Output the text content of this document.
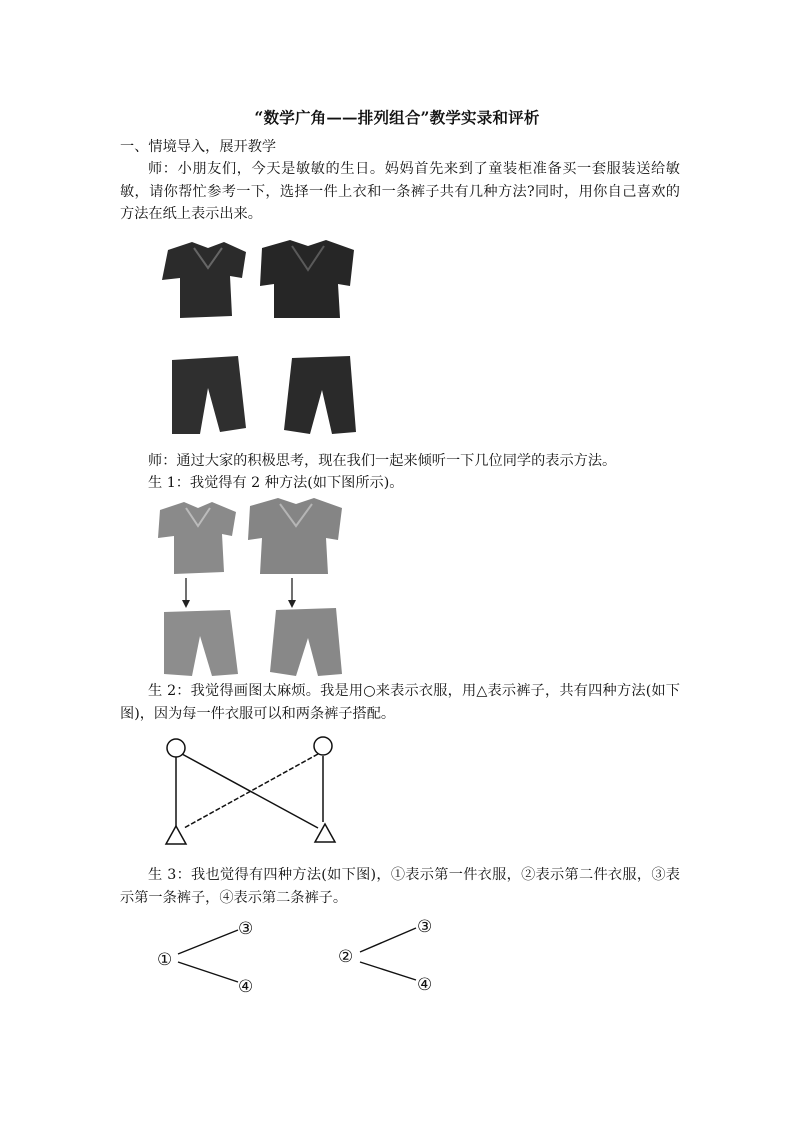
“数学广角——排列组合”教学实录和评析

一、情境导入，展开教学

师：小朋友们，今天是敏敏的生日。妈妈首先来到了童装柜准备买一套服装送给敏敏，请你帮忙参考一下，选择一件上衣和一条裤子共有几种方法?同时，用你自己喜欢的方法在纸上表示出来。

师：通过大家的积极思考，现在我们一起来倾听一下几位同学的表示方法。

生 1：我觉得有 2 种方法(如下图所示)。

生 2：我觉得画图太麻烦。我是用○来表示衣服，用△表示裤子，共有四种方法(如下图)，因为每一件衣服可以和两条裤子搭配。

生 3：我也觉得有四种方法(如下图)，①表示第一件衣服，②表示第二件衣服，③表示第一条裤子，④表示第二条裤子。

①
③
④
②
③
④
